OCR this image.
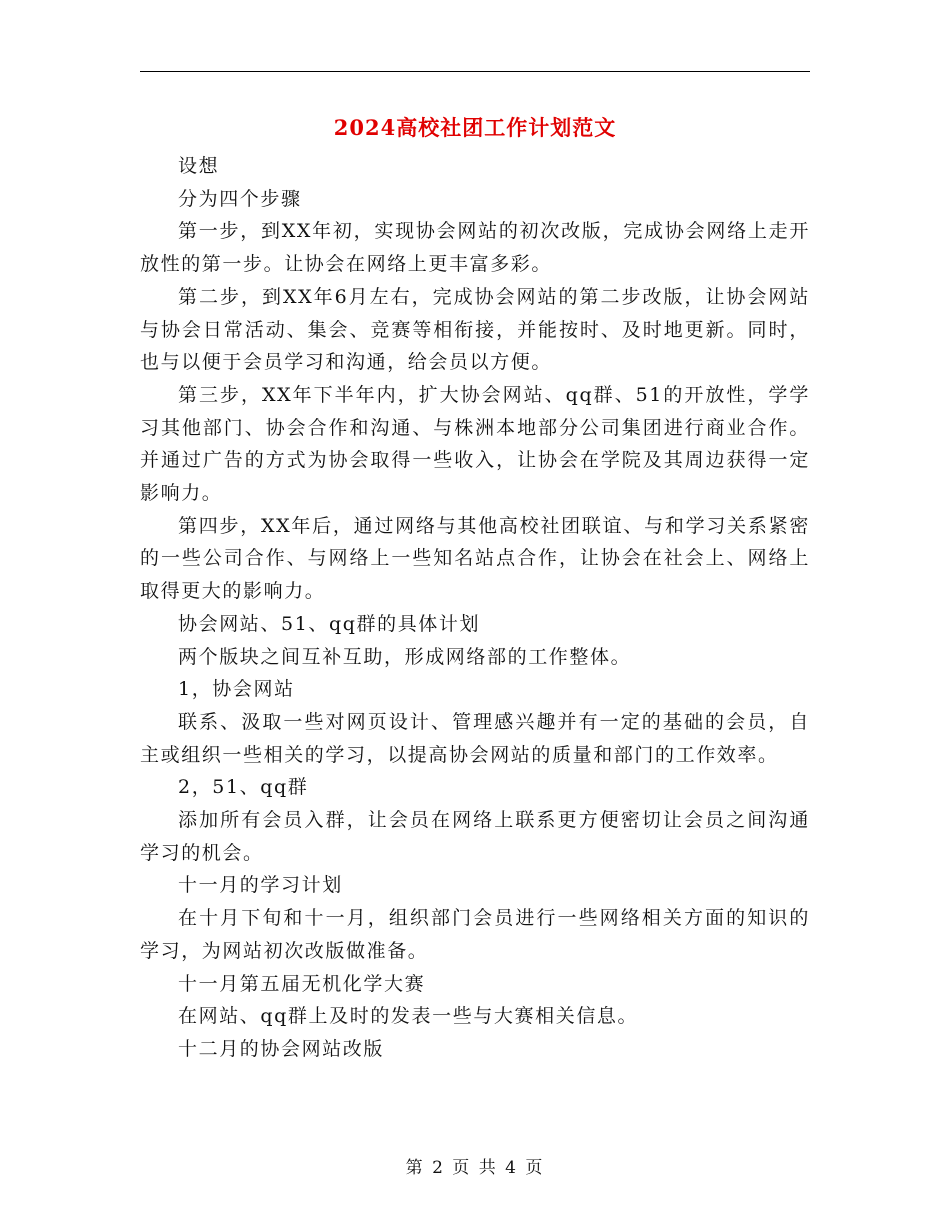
2024高校社团工作计划范文

设想

分为四个步骤

第一步，到XX年初，实现协会网站的初次改版，完成协会网络上走开放性的第一步。让协会在网络上更丰富多彩。

第二步，到XX年6月左右，完成协会网站的第二步改版，让协会网站与协会日常活动、集会、竞赛等相衔接，并能按时、及时地更新。同时，也与以便于会员学习和沟通，给会员以方便。

第三步，XX年下半年内，扩大协会网站、qq群、51的开放性，学学习其他部门、协会合作和沟通、与株洲本地部分公司集团进行商业合作。并通过广告的方式为协会取得一些收入，让协会在学院及其周边获得一定影响力。

第四步，XX年后，通过网络与其他高校社团联谊、与和学习关系紧密的一些公司合作、与网络上一些知名站点合作，让协会在社会上、网络上取得更大的影响力。

协会网站、51、qq群的具体计划

两个版块之间互补互助，形成网络部的工作整体。

1，协会网站

联系、汲取一些对网页设计、管理感兴趣并有一定的基础的会员，自主或组织一些相关的学习，以提高协会网站的质量和部门的工作效率。

2，51、qq群

添加所有会员入群，让会员在网络上联系更方便密切让会员之间沟通学习的机会。

十一月的学习计划

在十月下旬和十一月，组织部门会员进行一些网络相关方面的知识的学习，为网站初次改版做准备。

十一月第五届无机化学大赛

在网站、qq群上及时的发表一些与大赛相关信息。

十二月的协会网站改版

第 2 页 共 4 页
